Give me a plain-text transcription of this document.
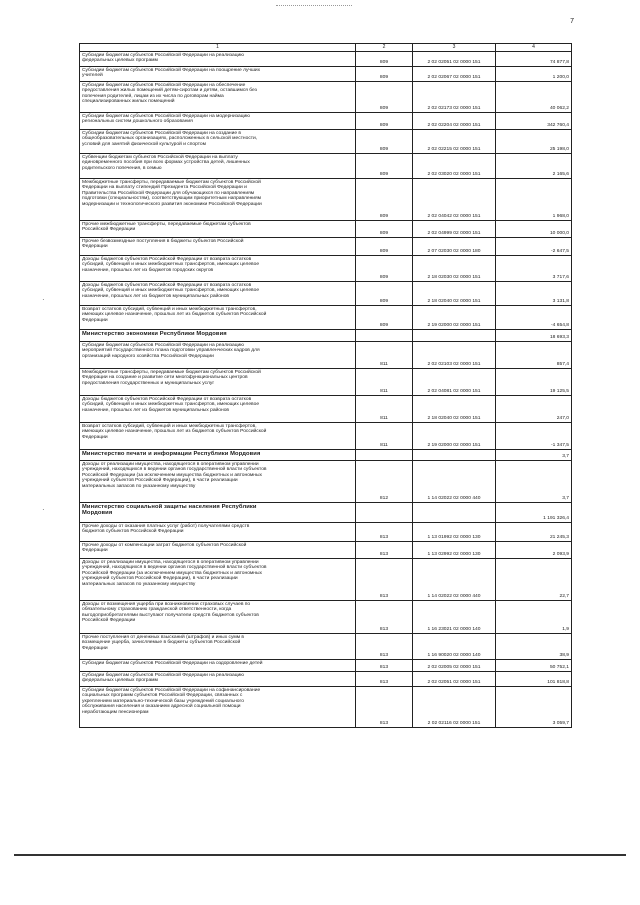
7
·
·
1	2	3	4
Субсидии бюджетам субъектов Российской Федерации на реализацию
федеральных целевых программ	809	2 02 02051 02 0000 151	74 877,8
Субсидии бюджетам субъектов Российской Федерации на поощрение лучших
учителей	809	2 02 02067 02 0000 151	1 200,0
Субсидии бюджетам субъектов Российской Федерации на обеспечение
предоставления жилых помещений детям-сиротам и детям, оставшимся без
попечения родителей, лицам из их числа по договорам найма
специализированных жилых помещений	809	2 02 02173 02 0000 151	40 062,2
Субсидии бюджетам субъектов Российской Федерации на модернизацию
региональных систем дошкольного образования	809	2 02 02204 02 0000 151	342 760,4
Субсидии бюджетам субъектов Российской Федерации на создание в
общеобразовательных организациях, расположенных в сельской местности,
условий для занятий физической культурой и спортом	809	2 02 02215 02 0000 151	25 198,0
Субвенции бюджетам субъектов Российской Федерации на выплату
единовременного пособия при всех формах устройства детей, лишенных
родительского попечения, в семью	809	2 02 03020 02 0000 151	2 165,6
Межбюджетные трансферты, передаваемые бюджетам субъектов Российской
Федерации на выплату стипендий Президента Российской Федерации и
Правительства Российской Федерации для обучающихся по направлениям
подготовки (специальностям), соответствующим приоритетным направлениям
модернизации и технологического развития экономики Российской Федерации	809	2 02 04042 02 0000 151	1 968,0
Прочие межбюджетные трансферты, передаваемые бюджетам субъектов
Российской Федерации	809	2 02 04999 02 0000 151	10 000,0
Прочие безвозмездные поступления в бюджеты субъектов Российской
Федерации	809	2 07 02030 02 0000 180	-2 647,5
Доходы бюджетов субъектов Российской Федерации от возврата остатков
субсидий, субвенций и иных межбюджетных трансфертов, имеющих целевое
назначение, прошлых лет из бюджетов городских округов	809	2 18 02030 02 0000 151	3 717,6
Доходы бюджетов субъектов Российской Федерации от возврата остатков
субсидий, субвенций и иных межбюджетных трансфертов, имеющих целевое
назначение, прошлых лет из бюджетов муниципальных районов	809	2 18 02040 02 0000 151	3 131,8
Возврат остатков субсидий, субвенций и иных межбюджетных трансфертов,
имеющих целевое назначение, прошлых лет из бюджетов субъектов Российской
Федерации	809	2 19 02000 02 0000 151	-4 654,8
Министерство экономики Республики Мордовия			18 693,3
Субсидии бюджетам субъектов Российской Федерации на реализацию
мероприятий Государственного плана подготовки управленческих кадров для
организаций народного хозяйства Российской Федерации	811	2 02 02103 02 0000 151	857,4
Межбюджетные трансферты, передаваемые бюджетам субъектов Российской
Федерации на создание и развитие сети многофункциональных центров
предоставления государственных и муниципальных услуг	811	2 02 04081 02 0000 151	19 125,5
Доходы бюджетов субъектов Российской Федерации от возврата остатков
субсидий, субвенций и иных межбюджетных трансфертов, имеющих целевое
назначение, прошлых лет из бюджетов муниципальных районов	811	2 18 02040 02 0000 151	247,0
Возврат остатков субсидий, субвенций и иных межбюджетных трансфертов,
имеющих целевое назначение, прошлых лет из бюджетов субъектов Российской
Федерации	811	2 19 02000 02 0000 151	-1 347,5
Министерство печати и информации Республики Мордовия			3,7
Доходы от реализации имущества, находящегося в оперативном управлении
учреждений, находящихся в ведении органов государственной власти субъектов
Российской Федерации (за исключением имущества бюджетных и автономных
учреждений субъектов Российской Федерации), в части реализации
материальных запасов по указанному имуществу	812	1 14 02022 02 0000 440	3,7
Министерство социальной защиты населения Республики
Мордовия			1 191 326,4
Прочие доходы от оказания платных услуг (работ) получателями средств
бюджетов субъектов Российской Федерации	813	1 13 01992 02 0000 130	21 245,3
Прочие доходы от компенсации затрат бюджетов субъектов Российской
Федерации	813	1 13 02992 02 0000 130	2 093,9
Доходы от реализации имущества, находящегося в оперативном управлении
учреждений, находящихся в ведении органов государственной власти субъектов
Российской Федерации (за исключением имущества бюджетных и автономных
учреждений субъектов Российской Федерации), в части реализации
материальных запасов по указанному имуществу	813	1 14 02022 02 0000 440	22,7
Доходы от возмещения ущерба при возникновении страховых случаев по
обязательному страхованию гражданской ответственности, когда
выгодоприобретателями выступают получатели средств бюджетов субъектов
Российской Федерации	813	1 16 23021 02 0000 140	1,9
Прочие поступления от денежных взысканий (штрафов) и иных сумм в
возмещение ущерба, зачисляемые в бюджеты субъектов Российской
Федерации	813	1 16 90020 02 0000 140	38,9
Субсидии бюджетам субъектов Российской Федерации на оздоровление детей	813	2 02 02005 02 0000 151	50 752,1
Субсидии бюджетам субъектов Российской Федерации на реализацию
федеральных целевых программ	813	2 02 02051 02 0000 151	101 818,8
Субсидии бюджетам субъектов Российской Федерации на софинансирование
социальных программ субъектов Российской Федерации, связанных с
укреплением материально-технической базы учреждений социального
обслуживания населения и оказанием адресной социальной помощи
неработающим пенсионерам	813	2 02 02116 02 0000 151	3 059,7
